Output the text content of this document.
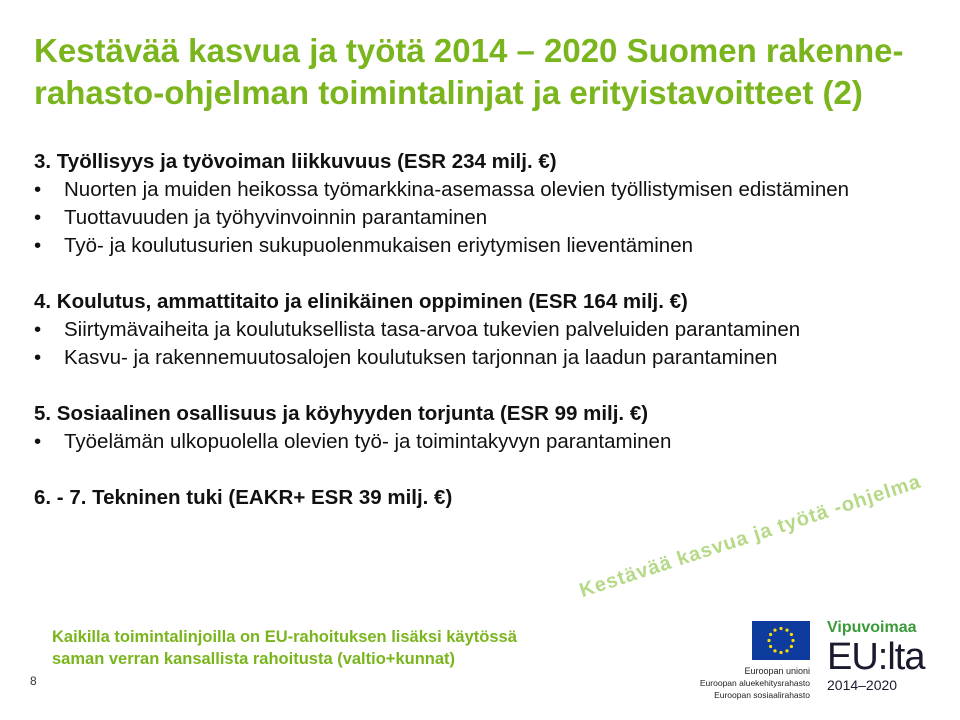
Kestävää kasvua ja työtä 2014 – 2020 Suomen rakenne-
rahasto-ohjelman toimintalinjat ja erityistavoitteet (2)

3. Työllisyys ja työvoiman liikkuvuus (ESR 234 milj. €)

• Nuorten ja muiden heikossa työmarkkina-asemassa olevien työllistymisen edistäminen
• Tuottavuuden ja työhyvinvoinnin parantaminen
• Työ- ja koulutusurien sukupuolenmukaisen eriytymisen lieventäminen

4. Koulutus, ammattitaito ja elinikäinen oppiminen (ESR 164 milj. €)

• Siirtymävaiheita ja koulutuksellista tasa-arvoa tukevien palveluiden parantaminen
• Kasvu- ja rakennemuutosalojen koulutuksen tarjonnan ja laadun parantaminen

5. Sosiaalinen osallisuus ja köyhyyden torjunta (ESR 99 milj. €)

• Työelämän ulkopuolella olevien työ- ja toimintakyvyn parantaminen

6. - 7. Tekninen tuki (EAKR+ ESR 39 milj. €)	Kestävää kasvua ja työtä -ohjelma
Kaikilla toimintalinjoilla on EU-rahoituksen lisäksi käytössä
saman verran kansallista rahoitusta (valtio+kunnat)
8
Euroopan unioni
Euroopan aluekehitysrahasto
Euroopan sosiaalirahasto
Vipuvoimaa
EU:lta
2014–2020
